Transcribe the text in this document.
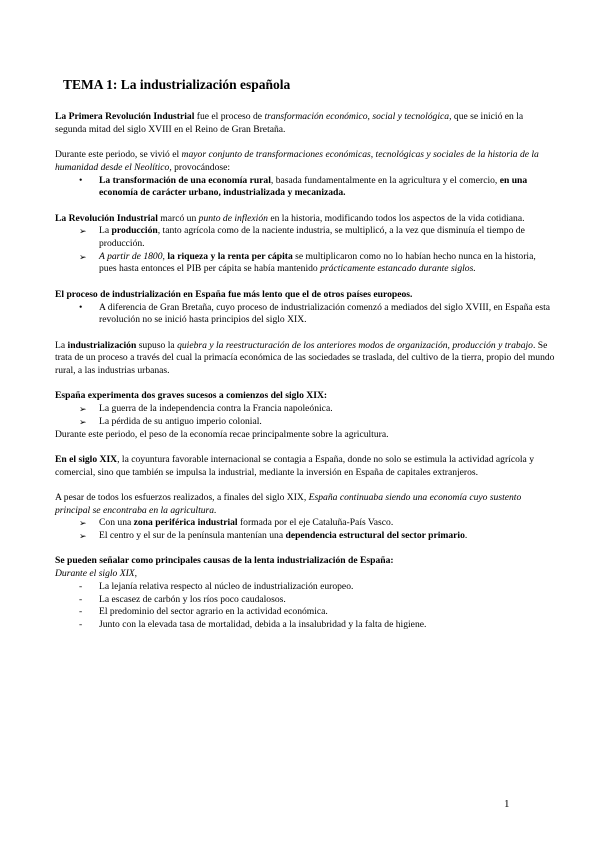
TEMA 1: La industrialización española

La Primera Revolución Industrial fue el proceso de transformación económico, social y tecnológica, que se inició en la segunda mitad del siglo XVIII en el Reino de Gran Bretaña.

Durante este periodo, se vivió el mayor conjunto de transformaciones económicas, tecnológicas y sociales de la historia de la humanidad desde el Neolítico, provocándose:

• La transformación de una economía rural, basada fundamentalmente en la agricultura y el comercio, en una economía de carácter urbano, industrializada y mecanizada.

La Revolución Industrial marcó un punto de inflexión en la historia, modificando todos los aspectos de la vida cotidiana.

➢ La producción, tanto agrícola como de la naciente industria, se multiplicó, a la vez que disminuía el tiempo de producción.
➢ A partir de 1800, la riqueza y la renta per cápita se multiplicaron como no lo habían hecho nunca en la historia, pues hasta entonces el PIB per cápita se había mantenido prácticamente estancado durante siglos.

El proceso de industrialización en España fue más lento que el de otros países europeos.

• A diferencia de Gran Bretaña, cuyo proceso de industrialización comenzó a mediados del siglo XVIII, en España esta revolución no se inició hasta principios del siglo XIX.

La industrialización supuso la quiebra y la reestructuración de los anteriores modos de organización, producción y trabajo. Se trata de un proceso a través del cual la primacía económica de las sociedades se traslada, del cultivo de la tierra, propio del mundo rural, a las industrias urbanas.

España experimenta dos graves sucesos a comienzos del siglo XIX:

➢ La guerra de la independencia contra la Francia napoleónica.
➢ La pérdida de su antiguo imperio colonial.

Durante este periodo, el peso de la economía recae principalmente sobre la agricultura.

En el siglo XIX, la coyuntura favorable internacional se contagia a España, donde no solo se estimula la actividad agrícola y comercial, sino que también se impulsa la industrial, mediante la inversión en España de capitales extranjeros.

A pesar de todos los esfuerzos realizados, a finales del siglo XIX, España continuaba siendo una economía cuyo sustento principal se encontraba en la agricultura.

➢ Con una zona periférica industrial formada por el eje Cataluña-País Vasco.
➢ El centro y el sur de la península mantenían una dependencia estructural del sector primario.

Se pueden señalar como principales causas de la lenta industrialización de España:

Durante el siglo XIX,

- La lejanía relativa respecto al núcleo de industrialización europeo.
- La escasez de carbón y los ríos poco caudalosos.
- El predominio del sector agrario en la actividad económica.
- Junto con la elevada tasa de mortalidad, debida a la insalubridad y la falta de higiene.
1
